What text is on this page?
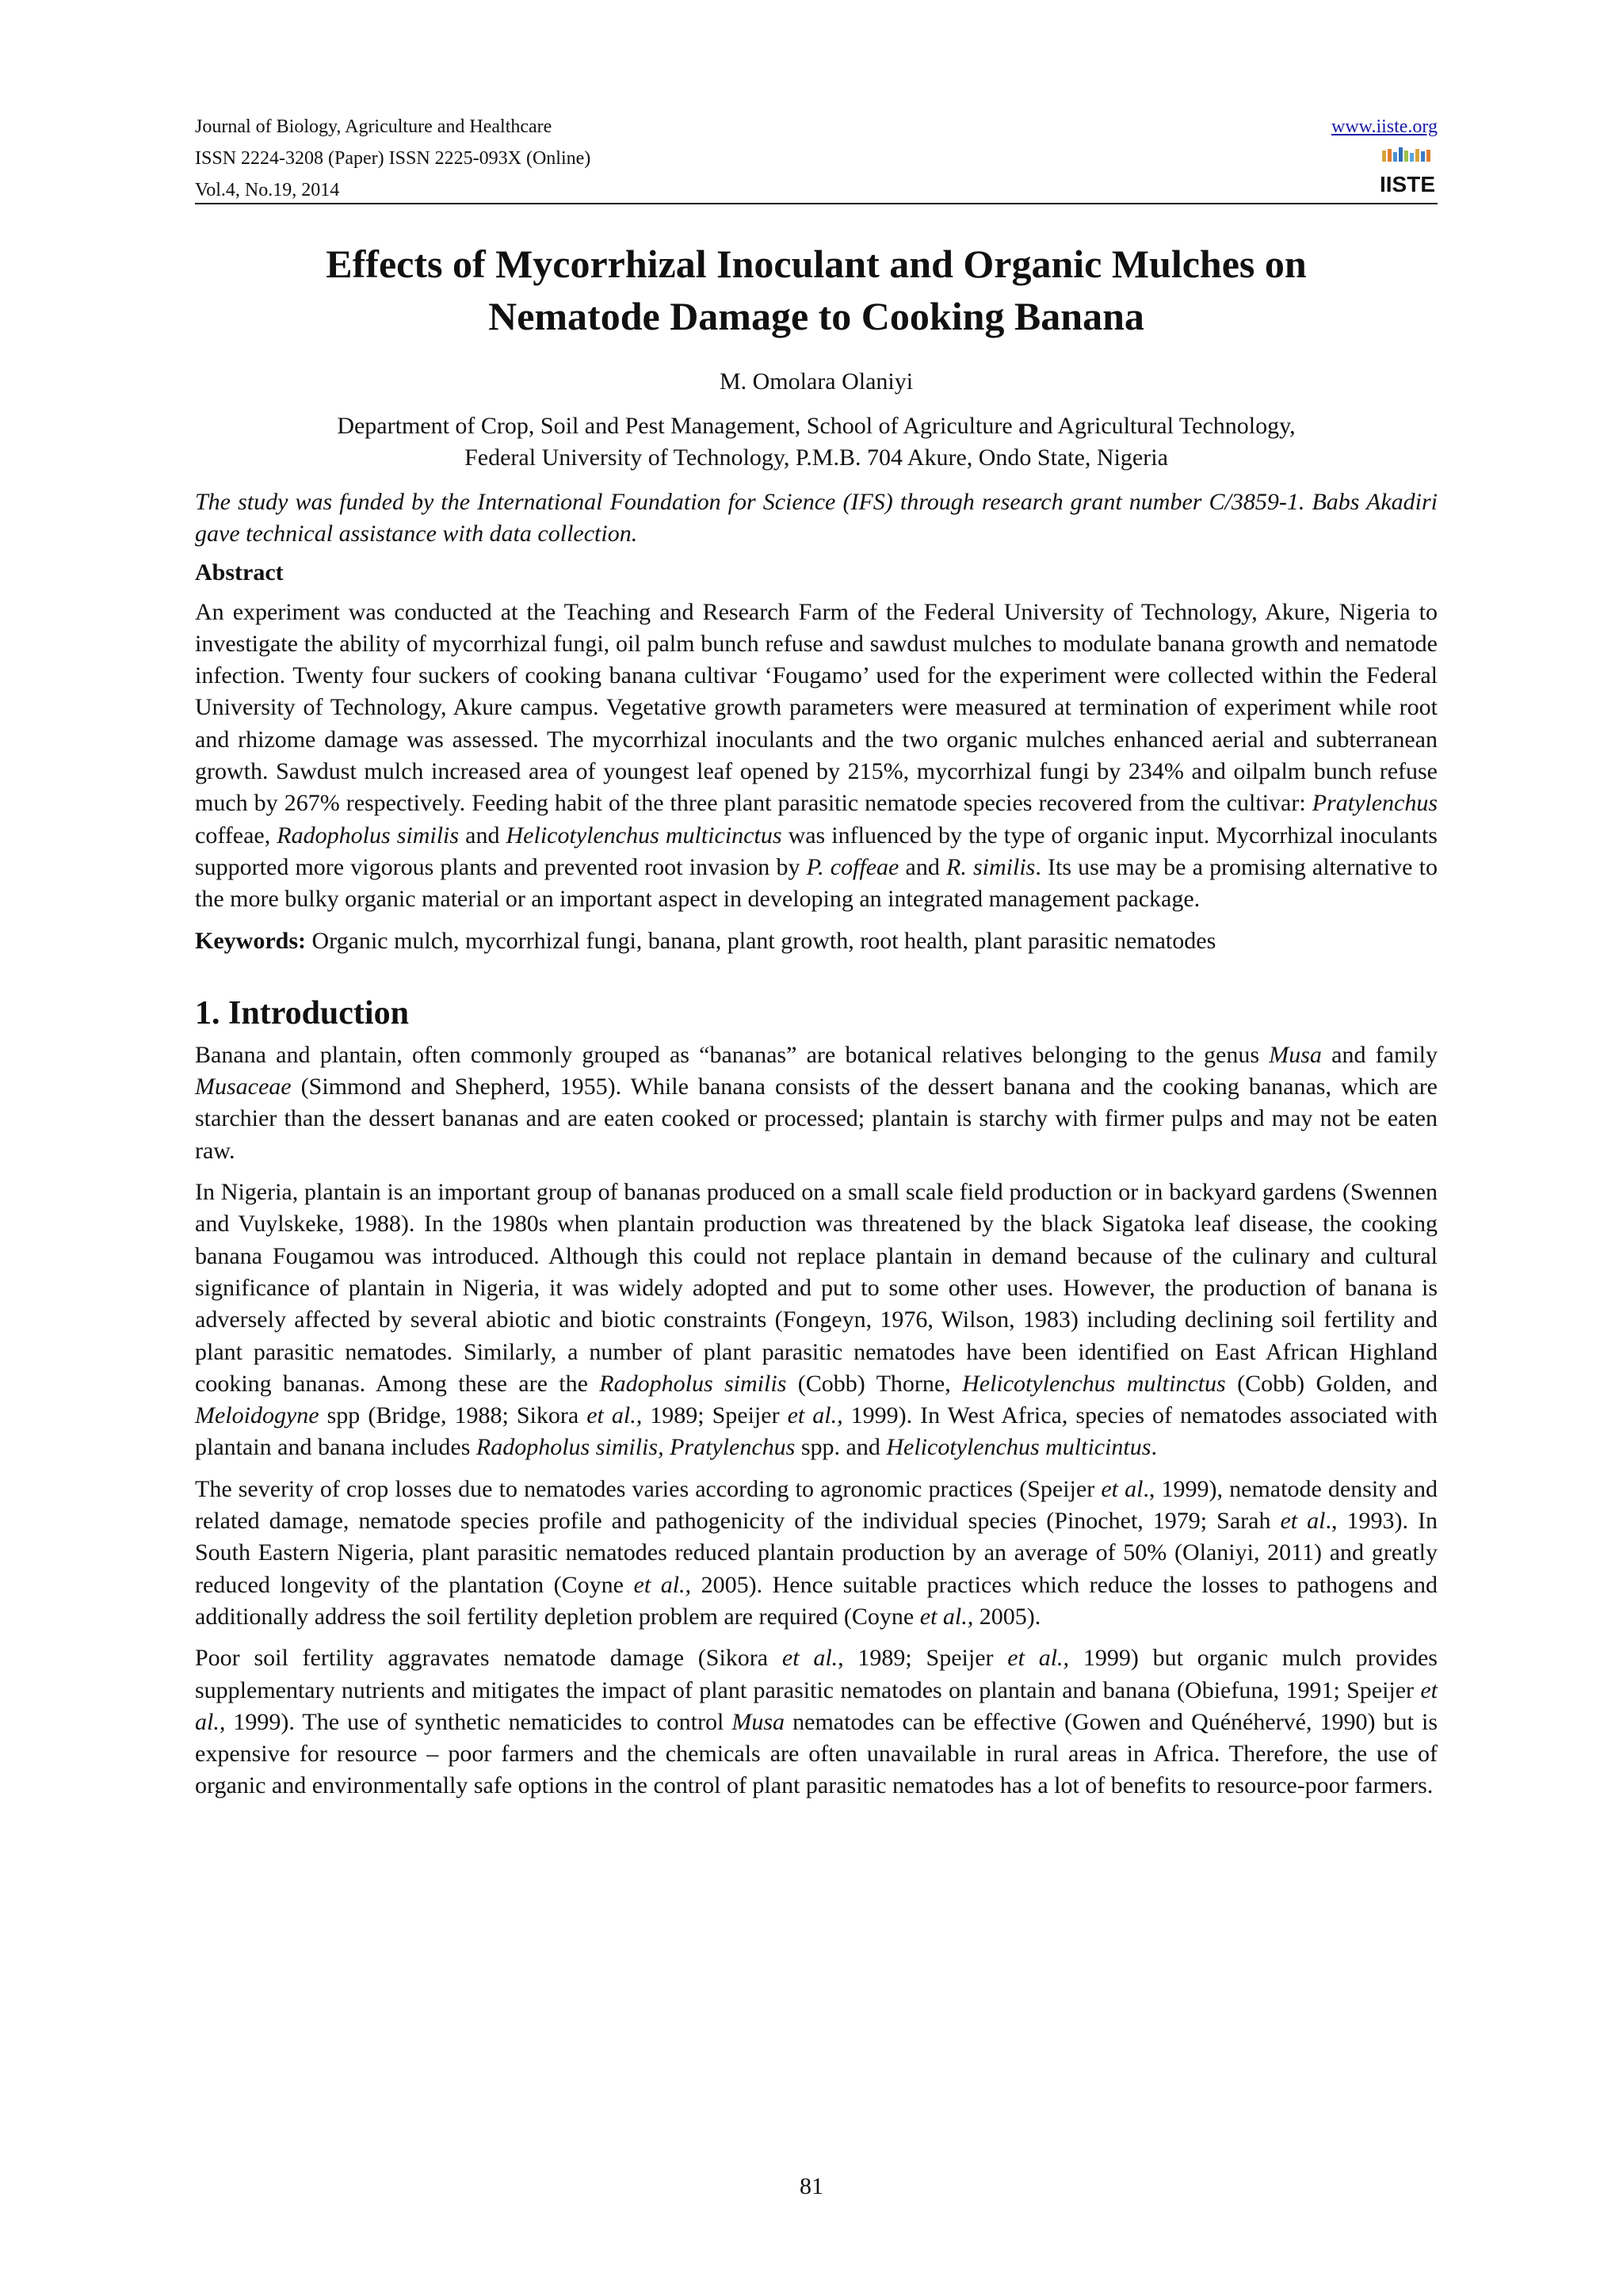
Journal of Biology, Agriculture and Healthcare
ISSN 2224-3208 (Paper) ISSN 2225-093X (Online)
Vol.4, No.19, 2014
www.iiste.org
IISTE
Effects of Mycorrhizal Inoculant and Organic Mulches on
Nematode Damage to Cooking Banana
M. Omolara Olaniyi
Department of Crop, Soil and Pest Management, School of Agriculture and Agricultural Technology,
Federal University of Technology, P.M.B. 704 Akure, Ondo State, Nigeria
The study was funded by the International Foundation for Science (IFS) through research grant number C/3859-1. Babs Akadiri gave technical assistance with data collection.
Abstract

An experiment was conducted at the Teaching and Research Farm of the Federal University of Technology, Akure, Nigeria to investigate the ability of mycorrhizal fungi, oil palm bunch refuse and sawdust mulches to modulate banana growth and nematode infection. Twenty four suckers of cooking banana cultivar ‘Fougamo’ used for the experiment were collected within the Federal University of Technology, Akure campus. Vegetative growth parameters were measured at termination of experiment while root and rhizome damage was assessed. The mycorrhizal inoculants and the two organic mulches enhanced aerial and subterranean growth. Sawdust mulch increased area of youngest leaf opened by 215%, mycorrhizal fungi by 234% and oilpalm bunch refuse much by 267% respectively. Feeding habit of the three plant parasitic nematode species recovered from the cultivar: Pratylenchus coffeae, Radopholus similis and Helicotylenchus multicinctus was influenced by the type of organic input. Mycorrhizal inoculants supported more vigorous plants and prevented root invasion by P. coffeae and R. similis. Its use may be a promising alternative to the more bulky organic material or an important aspect in developing an integrated management package.

Keywords: Organic mulch, mycorrhizal fungi, banana, plant growth, root health, plant parasitic nematodes

1. Introduction

Banana and plantain, often commonly grouped as “bananas” are botanical relatives belonging to the genus Musa and family Musaceae (Simmond and Shepherd, 1955). While banana consists of the dessert banana and the cooking bananas, which are starchier than the dessert bananas and are eaten cooked or processed; plantain is starchy with firmer pulps and may not be eaten raw.

In Nigeria, plantain is an important group of bananas produced on a small scale field production or in backyard gardens (Swennen and Vuylskeke, 1988). In the 1980s when plantain production was threatened by the black Sigatoka leaf disease, the cooking banana Fougamou was introduced. Although this could not replace plantain in demand because of the culinary and cultural significance of plantain in Nigeria, it was widely adopted and put to some other uses. However, the production of banana is adversely affected by several abiotic and biotic constraints (Fongeyn, 1976, Wilson, 1983) including declining soil fertility and plant parasitic nematodes. Similarly, a number of plant parasitic nematodes have been identified on East African Highland cooking bananas. Among these are the Radopholus similis (Cobb) Thorne, Helicotylenchus multinctus (Cobb) Golden, and Meloidogyne spp (Bridge, 1988; Sikora et al., 1989; Speijer et al., 1999). In West Africa, species of nematodes associated with plantain and banana includes Radopholus similis, Pratylenchus spp. and Helicotylenchus multicintus.

The severity of crop losses due to nematodes varies according to agronomic practices (Speijer et al., 1999), nematode density and related damage, nematode species profile and pathogenicity of the individual species (Pinochet, 1979; Sarah et al., 1993). In South Eastern Nigeria, plant parasitic nematodes reduced plantain production by an average of 50% (Olaniyi, 2011) and greatly reduced longevity of the plantation (Coyne et al., 2005). Hence suitable practices which reduce the losses to pathogens and additionally address the soil fertility depletion problem are required (Coyne et al., 2005).

Poor soil fertility aggravates nematode damage (Sikora et al., 1989; Speijer et al., 1999) but organic mulch provides supplementary nutrients and mitigates the impact of plant parasitic nematodes on plantain and banana (Obiefuna, 1991; Speijer et al., 1999). The use of synthetic nematicides to control Musa nematodes can be effective (Gowen and Quénéhervé, 1990) but is expensive for resource – poor farmers and the chemicals are often unavailable in rural areas in Africa. Therefore, the use of organic and environmentally safe options in the control of plant parasitic nematodes has a lot of benefits to resource-poor farmers.

81
